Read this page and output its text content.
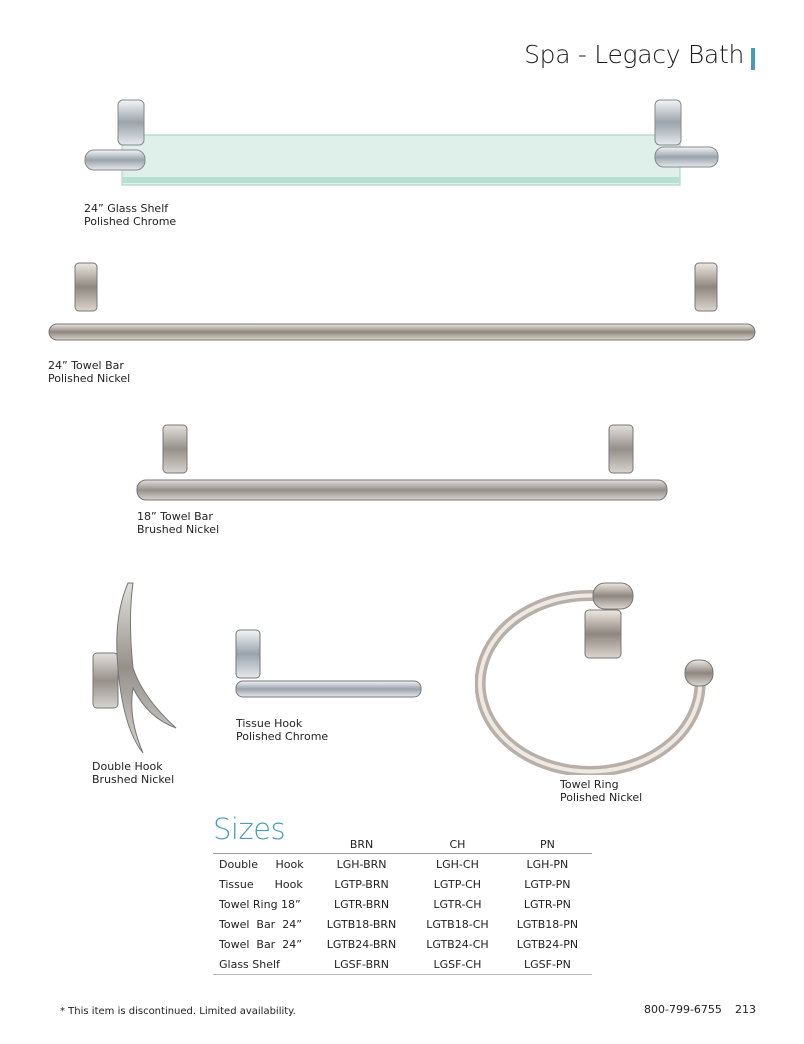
Spa - Legacy Bath
24” Glass Shelf
Polished Chrome
24” Towel Bar
Polished Nickel
18” Towel Bar
Brushed Nickel
Double Hook
Brushed Nickel
Tissue Hook
Polished Chrome
Towel Ring
Polished Nickel
Sizes
		BRN	CH	PN
Double     Hook	LGH-BRN	LGH-CH	LGH-PN
Tissue      Hook	LGTP-BRN	LGTP-CH	LGTP-PN
Towel Ring 18”	LGTR-BRN	LGTR-CH	LGTR-PN
Towel  Bar  24”	LGTB18-BRN	LGTB18-CH	LGTB18-PN
Towel  Bar  24”	LGTB24-BRN	LGTB24-CH	LGTB24-PN
Glass Shelf	LGSF-BRN	LGSF-CH	LGSF-PN
* This item is discontinued. Limited availability.	800-799-6755 213
